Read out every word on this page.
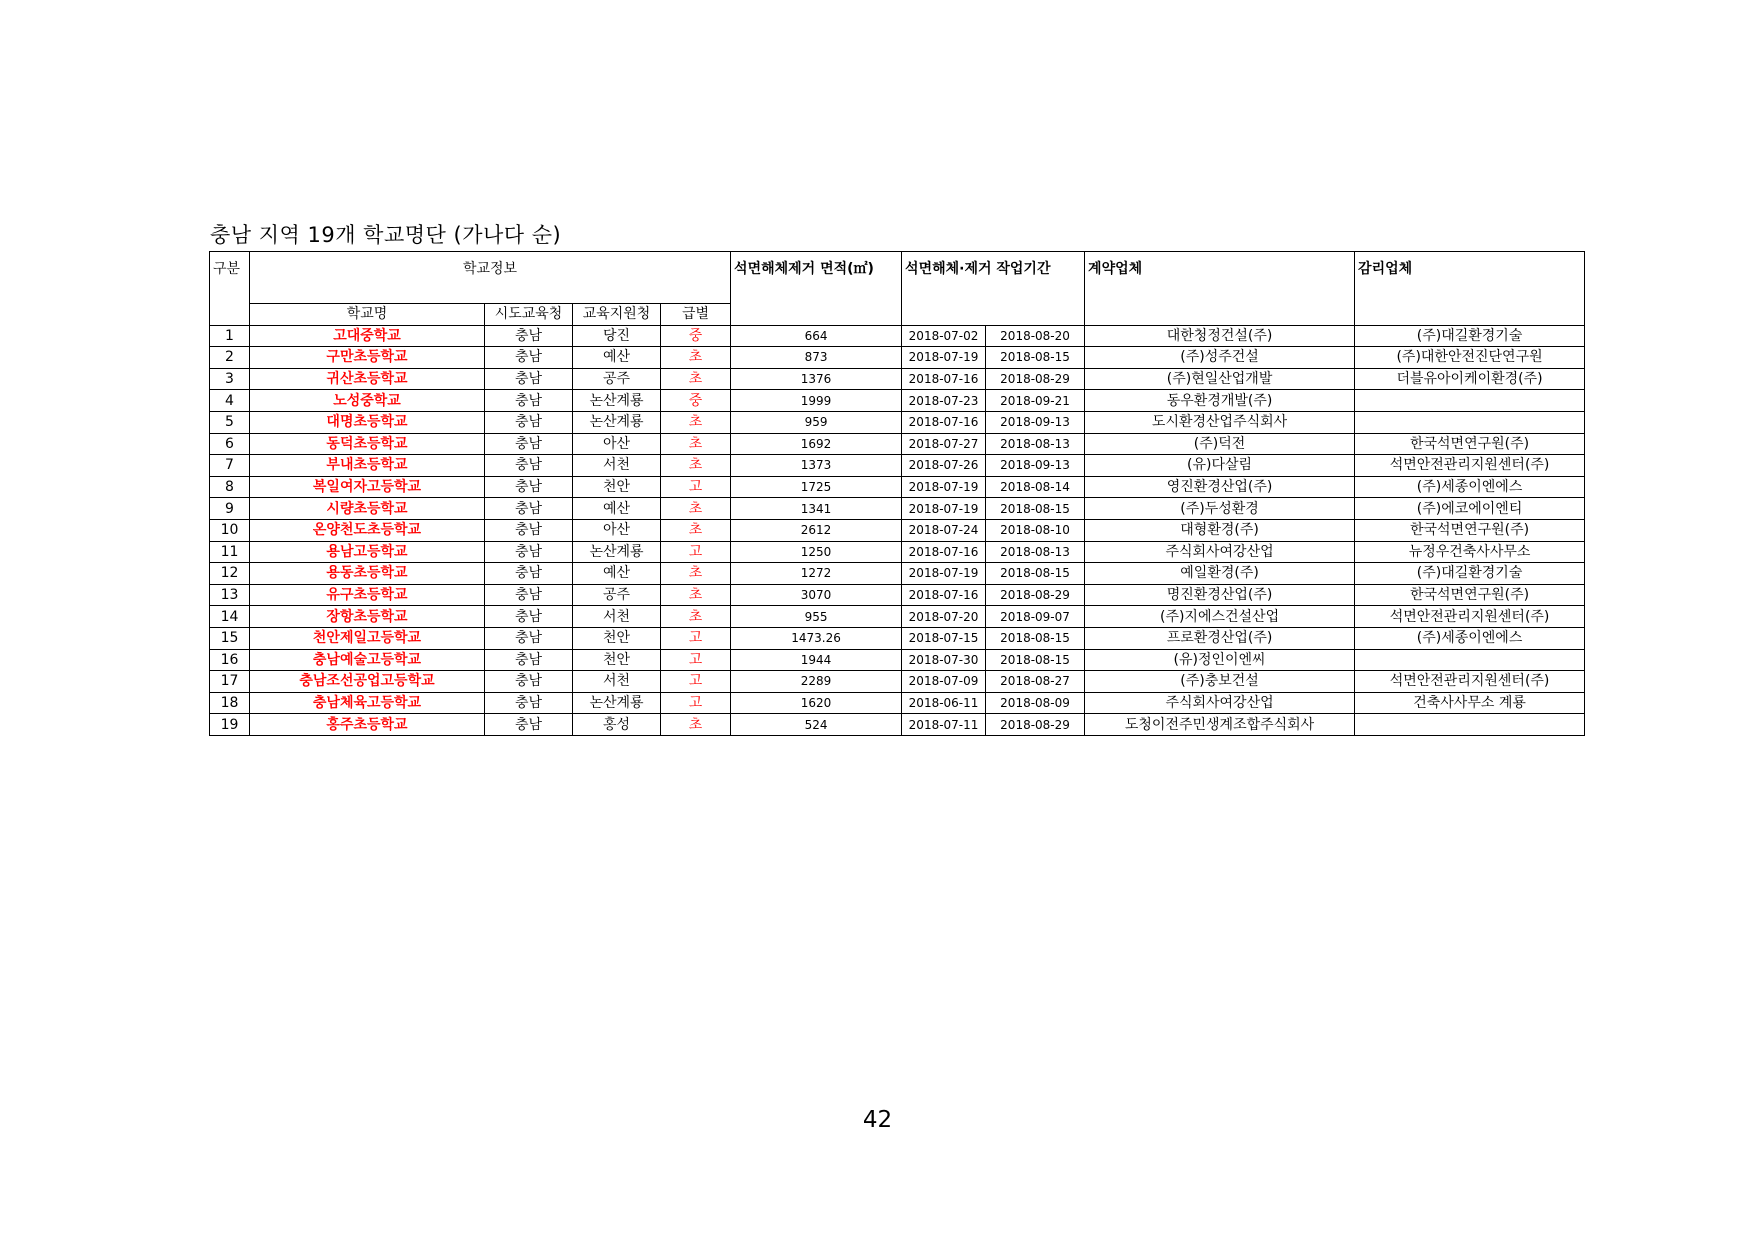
충남 지역 19개 학교명단 (가나다 순)
구분	학교정보				석면해체제거 면적(㎡)	석면해체·제거 작업기간		계약업체	감리업체
	학교명	시도교육청	교육지원청	급별					
1	고대중학교	충남	당진	중	664	2018-07-02	2018-08-20	대한청정건설(주)	(주)대길환경기술
2	구만초등학교	충남	예산	초	873	2018-07-19	2018-08-15	(주)성주건설	(주)대한안전진단연구원
3	귀산초등학교	충남	공주	초	1376	2018-07-16	2018-08-29	(주)현일산업개발	더블유아이케이환경(주)
4	노성중학교	충남	논산계룡	중	1999	2018-07-23	2018-09-21	동우환경개발(주)	
5	대명초등학교	충남	논산계룡	초	959	2018-07-16	2018-09-13	도시환경산업주식회사	
6	동덕초등학교	충남	아산	초	1692	2018-07-27	2018-08-13	(주)덕전	한국석면연구원(주)
7	부내초등학교	충남	서천	초	1373	2018-07-26	2018-09-13	(유)다살림	석면안전관리지원센터(주)
8	복일여자고등학교	충남	천안	고	1725	2018-07-19	2018-08-14	영진환경산업(주)	(주)세종이엔에스
9	시량초등학교	충남	예산	초	1341	2018-07-19	2018-08-15	(주)두성환경	(주)에코에이엔티
10	온양천도초등학교	충남	아산	초	2612	2018-07-24	2018-08-10	대형환경(주)	한국석면연구원(주)
11	용남고등학교	충남	논산계룡	고	1250	2018-07-16	2018-08-13	주식회사여강산업	뉴정우건축사사무소
12	용동초등학교	충남	예산	초	1272	2018-07-19	2018-08-15	예일환경(주)	(주)대길환경기술
13	유구초등학교	충남	공주	초	3070	2018-07-16	2018-08-29	명진환경산업(주)	한국석면연구원(주)
14	장항초등학교	충남	서천	초	955	2018-07-20	2018-09-07	(주)지에스건설산업	석면안전관리지원센터(주)
15	천안제일고등학교	충남	천안	고	1473.26	2018-07-15	2018-08-15	프로환경산업(주)	(주)세종이엔에스
16	충남예술고등학교	충남	천안	고	1944	2018-07-30	2018-08-15	(유)정인이엔씨	
17	충남조선공업고등학교	충남	서천	고	2289	2018-07-09	2018-08-27	(주)충보건설	석면안전관리지원센터(주)
18	충남체육고등학교	충남	논산계룡	고	1620	2018-06-11	2018-08-09	주식회사여강산업	건축사사무소 계룡
19	홍주초등학교	충남	홍성	초	524	2018-07-11	2018-08-29	도청이전주민생계조합주식회사	
42
